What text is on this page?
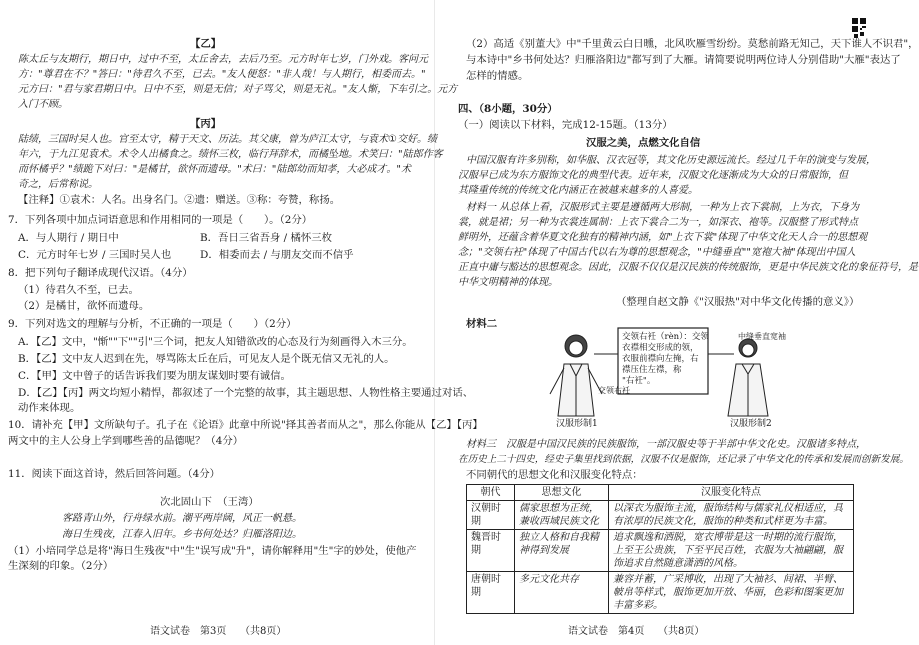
【乙】
陈太丘与友期行，期日中，过中不至，太丘舍去，去后乃至。元方时年七岁，门外戏。客问元
方："尊君在不？"答曰："待君久不至，已去。"友人便怒："非人哉！与人期行，相委而去。"
元方曰："君与家君期日中。日中不至，则是无信；对子骂父，则是无礼。"友人惭，下车引之。元方
入门不顾。
【丙】
陆绩，三国时吴人也。官至太守，精于天文、历法。其父康，曾为庐江太守，与袁术①交好。绩
年六，于九江见袁术。术令人出橘食之。绩怀三枚，临行拜辞术，而橘坠地。术笑曰："陆郎作客
而怀橘乎？"绩跪下对曰："是橘甘，欲怀而遗母。"术曰："陆郎幼而知孝，大必成才。"术
奇之，后常称说。
【注释】①袁术：人名。出身名门。②遗：赠送。③称：夸赞，称扬。
7．下列各项中加点词语意思和作用相同的一项是（　　）。（2分）
A．与人期行 / 期日中	B．吾日三省吾身 / 橘怀三枚
C．元方时年七岁 / 三国时吴人也	D．相委而去 / 与朋友交而不信乎
8．把下列句子翻译成现代汉语。（4分）
（1）待君久不至，已去。
（2）是橘甘，欲怀而遗母。
9．下列对选文的理解与分析，不正确的一项是（　　）（2分）
A．【乙】文中，"惭""下""引"三个词，把友人知错欲改的心态及行为刻画得入木三分。
B．【乙】文中友人迟到在先，辱骂陈太丘在后，可见友人是个既无信又无礼的人。
C．【甲】文中曾子的话告诉我们要为朋友谋划时要有诚信。
D．【乙】【丙】两文均短小精悍，都叙述了一个完整的故事，其主题思想、人物性格主要通过对话、
动作来体现。
10．请补充【甲】文所缺句子。孔子在《论语》此章中所说"择其善者而从之"，那么你能从【乙】【丙】
两文中的主人公身上学到哪些善的品德呢？（4分）
11．阅读下面这首诗，然后回答问题。（4分）
次北固山下　（王湾）
客路青山外，行舟绿水前。潮平两岸阔，风正一帆悬。
海日生残夜，江春入旧年。乡书何处达？归雁洛阳边。
（1）小培同学总是将"海日生残夜"中"生"误写成"升"，请你解释用"生"字的妙处，使他产
生深刻的印象。（2分）
语文试卷 第3页 （共8页）
（2）高适《别董大》中"千里黄云白日曛，北风吹雁雪纷纷。莫愁前路无知己，天下谁人不识君"，
与本诗中"乡书何处达？归雁洛阳边"都写到了大雁。请简要说明两位诗人分别借助"大雁"表达了
怎样的情感。
四、（8小题，30分）
（一）阅读以下材料，完成12-15题。（13分）
汉服之美，点燃文化自信
中国汉服有许多别称，如华服、汉衣冠等，其文化历史源远流长。经过几千年的演变与发展，
汉服早已成为东方服饰文化的典型代表。近年来，汉服文化逐渐成为大众的日常服饰，但
其隆重传统的传统文化内涵正在被越来越多的人喜爱。
材料一 从总体上看，汉服形式主要是遵循两大形制，一种为上衣下裳制，上为衣，下身为
裳，就是裙；另一种为衣裳连属制：上衣下裳合二为一，如深衣、袍等。汉服整了形式特点
鲜明外，还蕴含着华夏文化独有的精神内涵，如"上衣下裳"体现了中华文化天人合一的思想观
念；"交领右衽"体现了中国古代以右为尊的思想观念，"中缝垂直""宽袍大袖"体现出中国人
正直中庸与豁达的思想观念。因此，汉服不仅仅是汉民族的传统服饰，更是中华民族文化的象征符号，是
中华文明精神的体现。
（整理自赵文静《"汉服热"对中华文化传播的意义》）
材料二
交领右衽（rèn）：交领
衣襟相交形成的领，
衣服前襟向左掩，右
襟压住左襟，称
"右衽"。
交领右衽
中缝垂直宽袖
汉服形制1	汉服形制2
材料三　汉服是中国汉民族的民族服饰，一部汉服史等于半部中华文化史。汉服诸多特点，
在历史上二十四史，经史子集里找到依据，汉服不仅是服饰，还记录了中华文化的传承和发展而创新发展。
不同朝代的思想文化和汉服变化特点：
朝代	思想文化	汉服变化特点
汉朝时期	儒家思想为正统，兼收西域民族文化	以深衣为服饰主流，服饰结构与儒家礼仪相适应，具有浓厚的民族文化，服饰的种类和式样更为丰富。
魏晋时期	独立人格和自我精神得到发展	追求飘逸和洒脱，宽衣博带是这一时期的流行服饰，上至王公贵族，下至平民百姓，衣服为大袖翩翩，服饰追求自然随意潇洒的风格。
唐朝时期	多元文化共存	兼容并蓄，广采博收，出现了大袖衫、间裙、半臂、帔帛等样式，服饰更加开放、华丽，色彩和图案更加丰富多彩。
语文试卷 第4页 （共8页）
